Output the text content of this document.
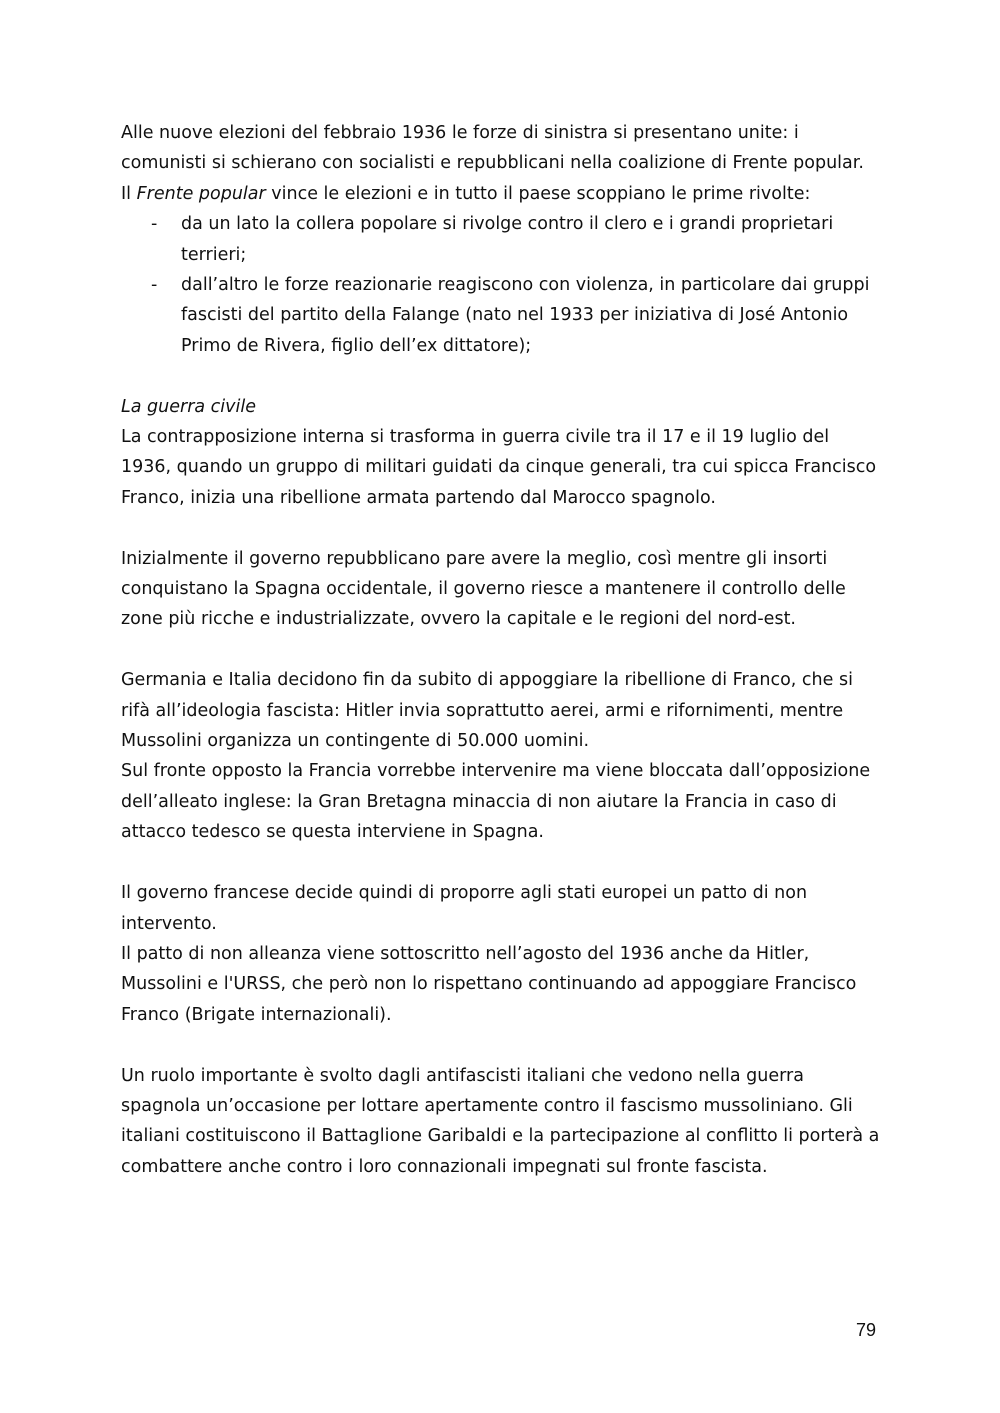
Alle nuove elezioni del febbraio 1936 le forze di sinistra si presentano unite: i comunisti si schierano con socialisti e repubblicani nella coalizione di Frente popular.

Il Frente popular vince le elezioni e in tutto il paese scoppiano le prime rivolte:

- da un lato la collera popolare si rivolge contro il clero e i grandi proprietari terrieri;
- dall’altro le forze reazionarie reagiscono con violenza, in particolare dai gruppi fascisti del partito della Falange (nato nel 1933 per iniziativa di José Antonio Primo de Rivera, figlio dell’ex dittatore);

La guerra civile

La contrapposizione interna si trasforma in guerra civile tra il 17 e il 19 luglio del 1936, quando un gruppo di militari guidati da cinque generali, tra cui spicca Francisco Franco, inizia una ribellione armata partendo dal Marocco spagnolo.

Inizialmente il governo repubblicano pare avere la meglio, così mentre gli insorti conquistano la Spagna occidentale, il governo riesce a mantenere il controllo delle zone più ricche e industrializzate, ovvero la capitale e le regioni del nord-est.

Germania e Italia decidono fin da subito di appoggiare la ribellione di Franco, che si rifà all’ideologia fascista: Hitler invia soprattutto aerei, armi e rifornimenti, mentre Mussolini organizza un contingente di 50.000 uomini.

Sul fronte opposto la Francia vorrebbe intervenire ma viene bloccata dall’opposizione dell’alleato inglese: la Gran Bretagna minaccia di non aiutare la Francia in caso di attacco tedesco se questa interviene in Spagna.

Il governo francese decide quindi di proporre agli stati europei un patto di non intervento.

Il patto di non alleanza viene sottoscritto nell’agosto del 1936 anche da Hitler, Mussolini e l'URSS, che però non lo rispettano continuando ad appoggiare Francisco Franco (Brigate internazionali).

Un ruolo importante è svolto dagli antifascisti italiani che vedono nella guerra spagnola un’occasione per lottare apertamente contro il fascismo mussoliniano. Gli italiani costituiscono il Battaglione Garibaldi e la partecipazione al conflitto li porterà a combattere anche contro i loro connazionali impegnati sul fronte fascista.

79
